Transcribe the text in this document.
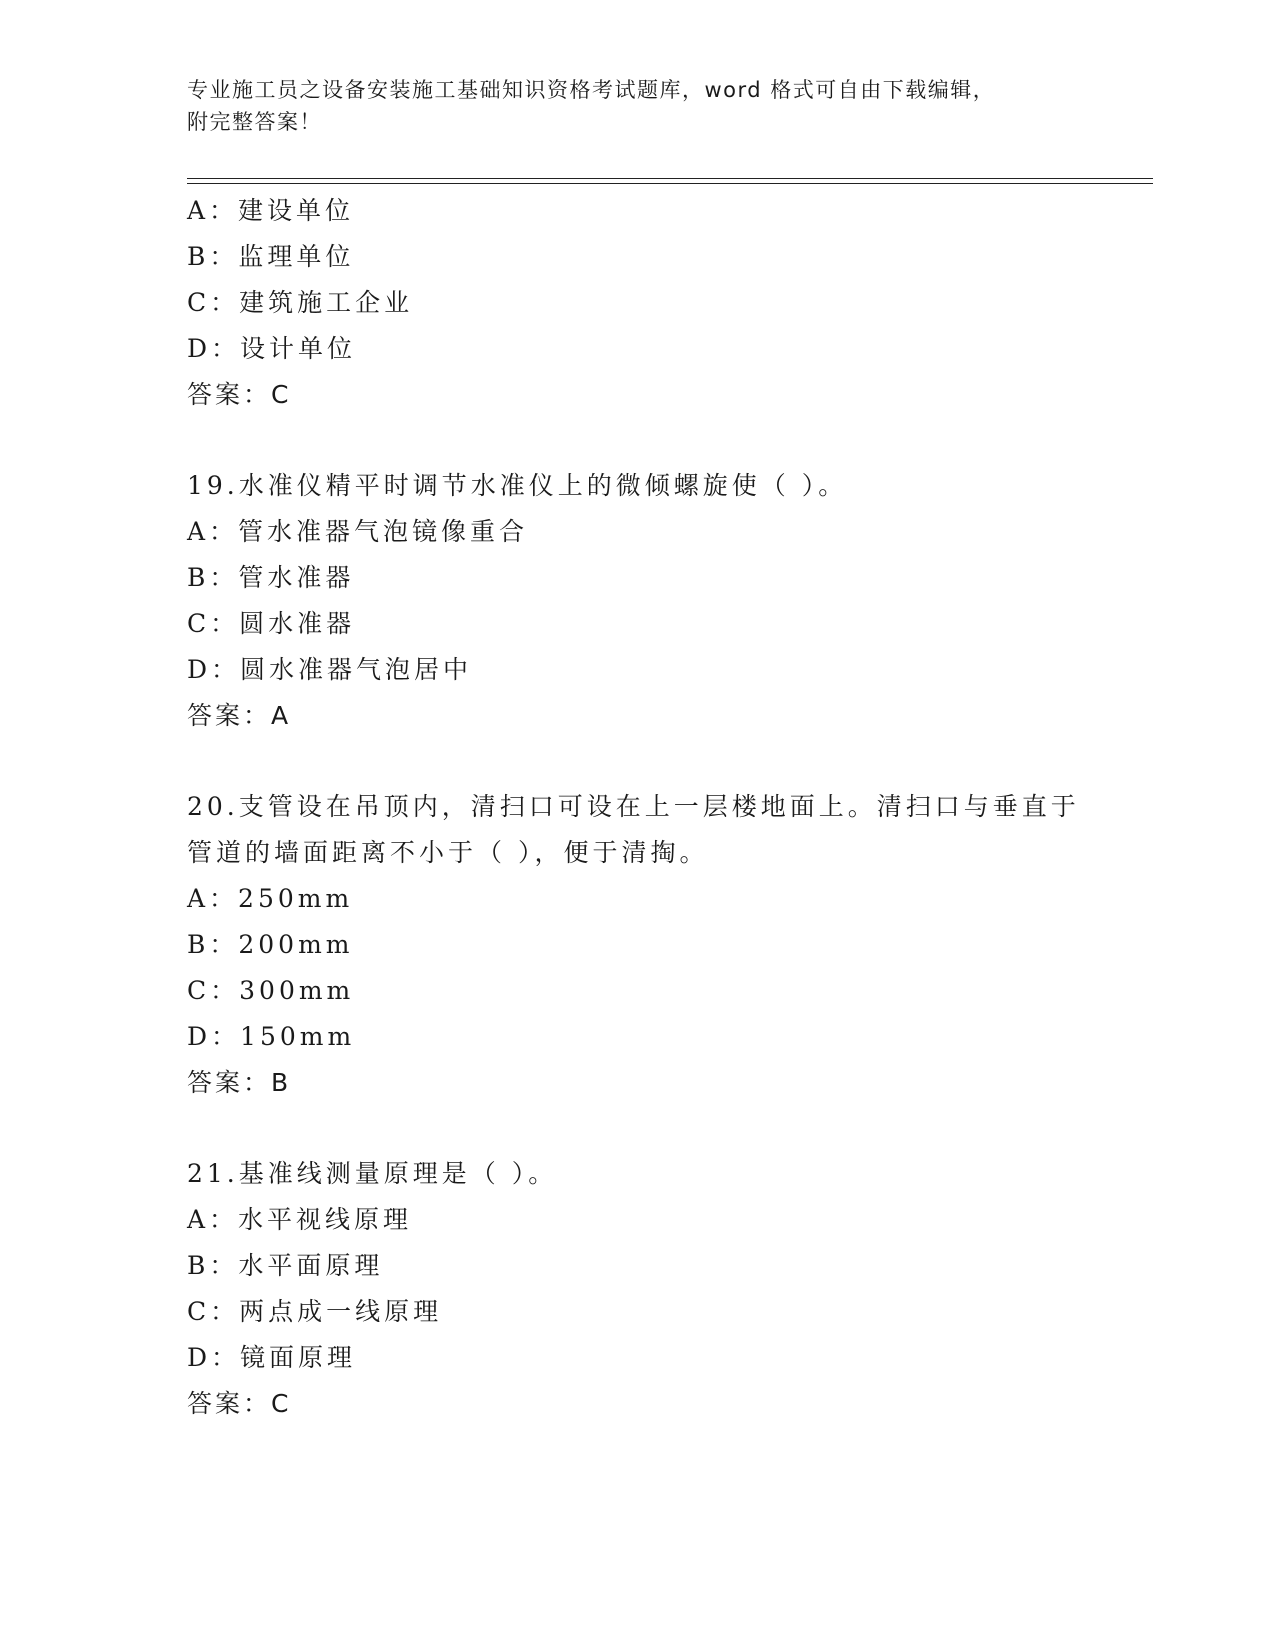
专业施工员之设备安装施工基础知识资格考试题库，word 格式可自由下载编辑，
附完整答案！
A：建设单位
B：监理单位
C：建筑施工企业
D：设计单位
答案：C
19.水准仪精平时调节水准仪上的微倾螺旋使（ ）。
A：管水准器气泡镜像重合
B：管水准器
C：圆水准器
D：圆水准器气泡居中
答案：A
20.支管设在吊顶内，清扫口可设在上一层楼地面上。清扫口与垂直于
管道的墙面距离不小于（ ），便于清掏。
A：250mm
B：200mm
C：300mm
D：150mm
答案：B
21.基准线测量原理是（ ）。
A：水平视线原理
B：水平面原理
C：两点成一线原理
D：镜面原理
答案：C
